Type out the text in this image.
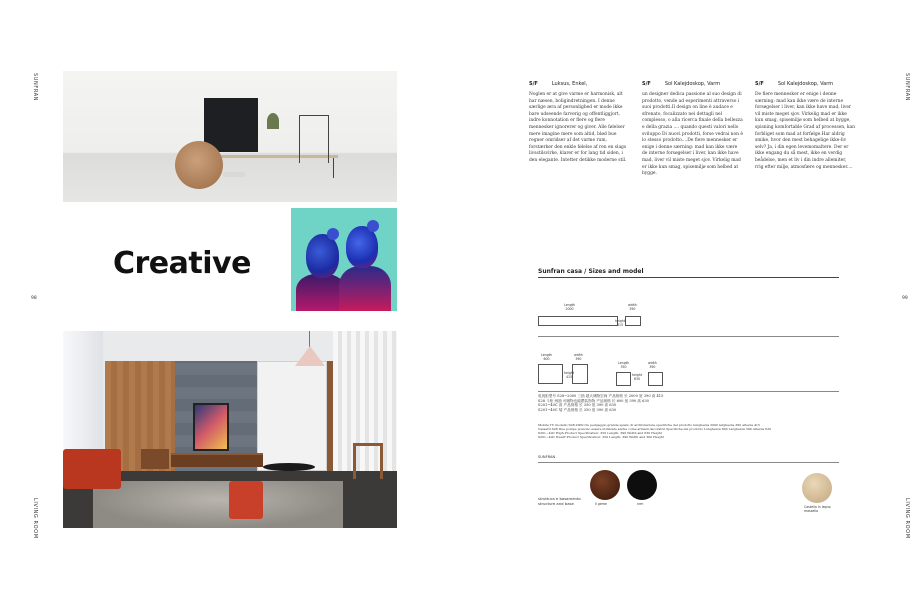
SUNFRAN
LIVING ROOM
98
SUNFRAN
LIVING ROOM
99
Creative
S/F	Luksus, Enkel,
Noglen er at give varme er harmonisk, alt har næsen, boligindretningen. I denne særlige æra af personlighed er mode ikke bare udseende farverig og offentliggjort, indre konnotation er flere og flere mennesker ignorerer og giver. Alle følelser mere imagine mere som altid, blød bue regner omridser af det varme rum, forstærker den enkle følelse af ren en slags livsstilsvirke, klarer er for lang tid siden, i den elegante. Intetter detikke moderne stil.
S/F	Sol Kalejdoskop, Varm
un designer dedica passione al suo design di prodotto, vende ad esperimenti attraverso i suoi prodotti.Il design on line è audace e sfrenato, focalizzato nei dettagli nel complesso, o alla ricerca finale della bellezza e della grazia .... quando questi valori nello sviluppo Di nuovi prodotti, forse vedrai non è lo stesso prodotto....De flere mennesker er enige i denne særning: mad kan ikke være de interne forsøgelser i liver, kan ikke have mad, liver vil miste meget sjov. Virkelig mad er ikke kun smag, spisemiljø som helbed at bygge.
S/F	Sol Kalejdoskop, Varm
De flere mennesker er enige i denne særning: mad kan ikke være de interne forsøgelser i liver, kan ikke have mad, liver vil miste meget sjov. Virkelig mad er ikke kun smag, spisemiljø som helbed at bygge, spisning komfortable Grad af processen, kan forbliget som mad at forfølge.Har aldrig smike, hvor den mest behagelige ikke-liv selv? Ja, i din egen levemomaltere. Der er ikke engang du så mest, ikke en verdig beådelse, men et liv i din indre allemiter, rrig efter miljø, atmosfære og mennesker....
Sunfran casa / Sizes and model
Length
2000
width
390
height
415
Length
600
width
390
height
415
Length
350
width
390
height
630
电视柜型号 S28~2000 三抽 超大储物空间 产品规格 长 2000 宽 390 高 415
S28 斗柜 两抽 可储物也能摆装饰物 产品规格 长 600 宽 390 高 630
S201~40C 高 产品规格 长 350 宽 390 高 630
S201~40C 矮 产品规格 长 350 宽 390 高 630
Mobile TV modello S28-2000 tre pedgaggio grande spazio di archiviazione specifiche del prodotto lunghezza 2000 larghezza 390 altezza 415
Cassetti S28 Due pompe possono essere utilizzate anche come armadi decorativi Specifiche del prodotto Lunghezza 600 Larghezza 390 Altezza 630
S201~40C High Product Specification: 350 Length, 390 Width and 630 Height
S201~40C Dwarf Product Specification: 350 Length, 390 Width and 300 Height
SUNFRAN
struttura e basamento
structure and base	Il geme	nrm
Castello in legno massello
